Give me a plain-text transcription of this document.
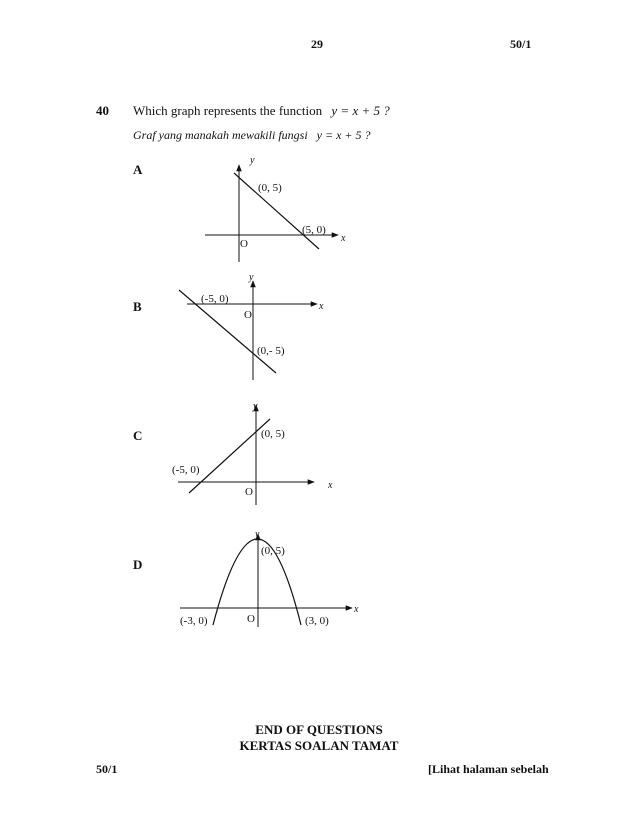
29	50/1
40 Which graph represents the function y = x + 5 ?
Graf yang manakah mewakili fungsi y = x + 5 ?
A
B
C
D
y
x
O
(0, 5)
(5, 0)
y
x
O
(-5, 0)
(0,- 5)
y
x
O
(0, 5)
(-5, 0)
y
x
O
(0, 5)
(-3, 0)	(3, 0)
END OF QUESTIONS
KERTAS SOALAN TAMAT
50/1	[Lihat halaman sebelah
